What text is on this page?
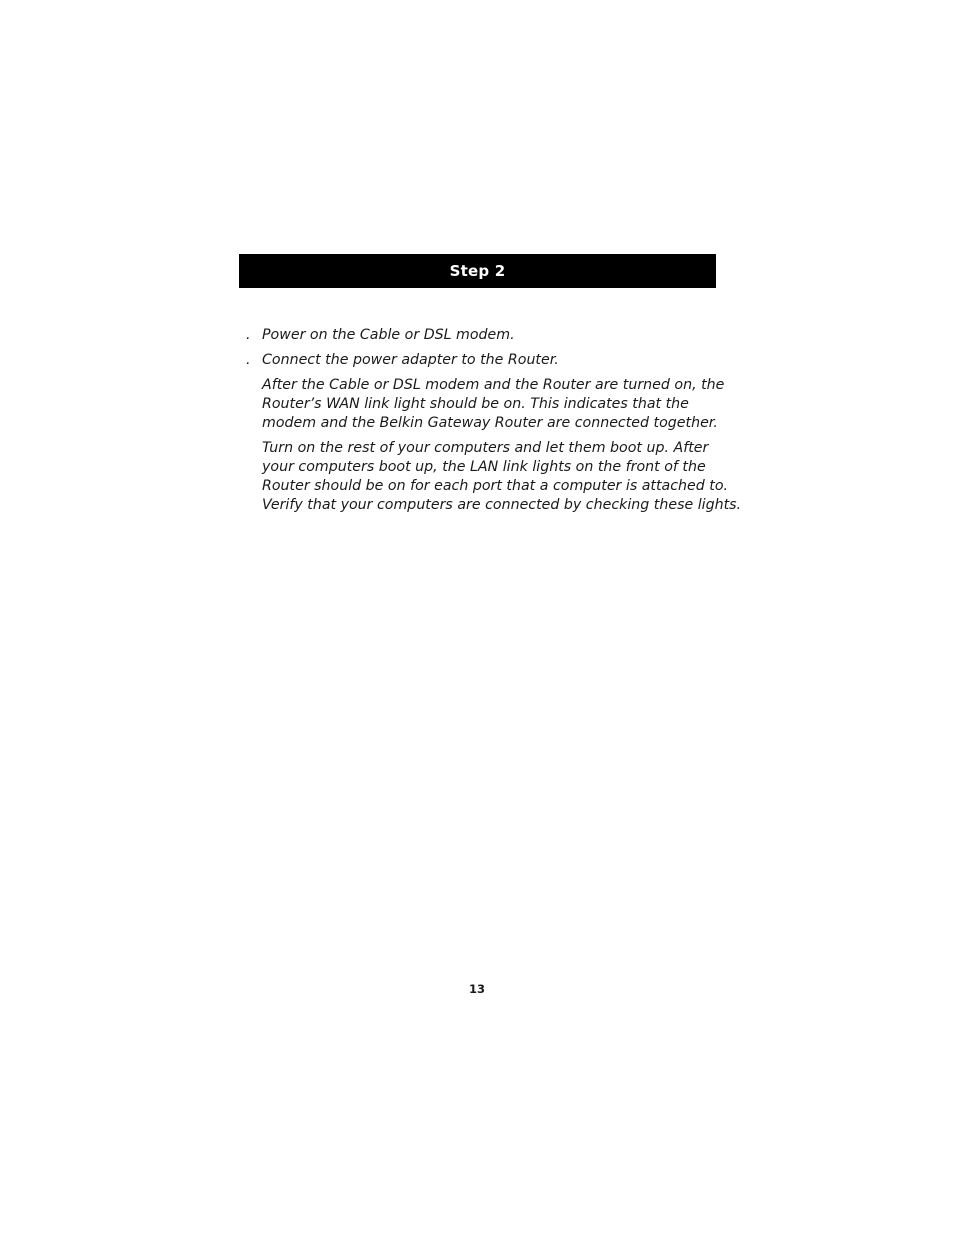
Step 2
. Power on the Cable or DSL modem.
. Connect the power adapter to the Router.
After the Cable or DSL modem and the Router are turned on, the
Router’s WAN link light should be on. This indicates that the
modem and the Belkin Gateway Router are connected together.
Turn on the rest of your computers and let them boot up. After
your computers boot up, the LAN link lights on the front of the
Router should be on for each port that a computer is attached to.
Verify that your computers are connected by checking these lights.
13
